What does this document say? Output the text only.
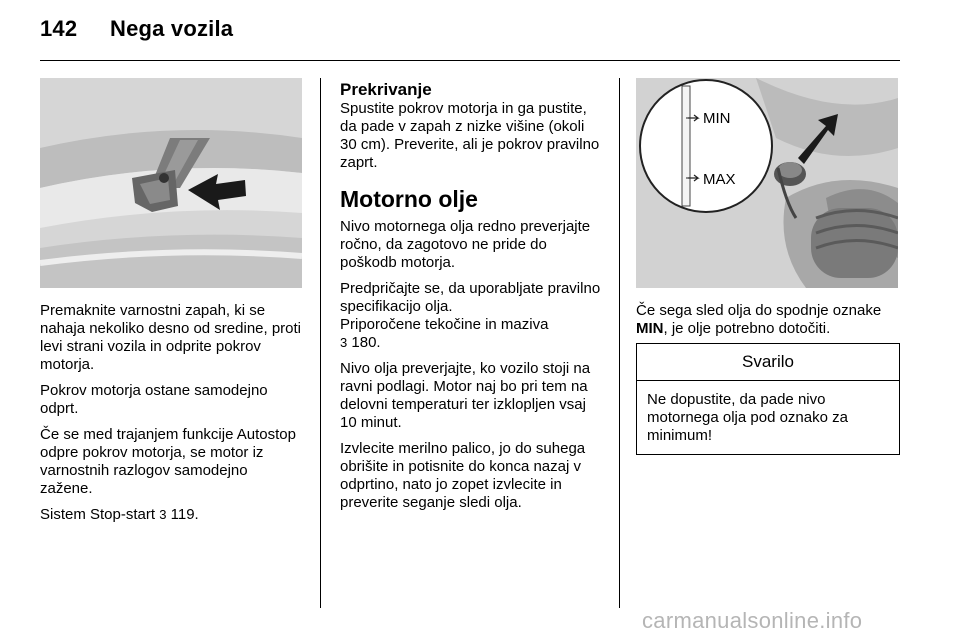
142 Nega vozila

Premaknite varnostni zapah, ki se nahaja nekoliko desno od sredine, proti levi strani vozila in odprite pokrov motorja.

Pokrov motorja ostane samodejno odprt.

Če se med trajanjem funkcije Autostop odpre pokrov motorja, se motor iz varnostnih razlogov samodejno zažene.

Sistem Stop-start 3 119.

Prekrivanje

Spustite pokrov motorja in ga pustite, da pade v zapah z nizke višine (okoli 30 cm). Preverite, ali je pokrov pravilno zaprt.

Motorno olje

Nivo motornega olja redno preverjajte ročno, da zagotovo ne pride do poškodb motorja.

Predpričajte se, da uporabljate pravilno specifikacijo olja.

Priporočene tekočine in maziva
3 180.

Nivo olja preverjajte, ko vozilo stoji na ravni podlagi. Motor naj bo pri tem na delovni temperaturi ter izklopljen vsaj 10 minut.

Izvlecite merilno palico, jo do suhega obrišite in potisnite do konca nazaj v odprtino, nato jo zopet izvlecite in preverite seganje sledi olja.

MIN
MAX

Če sega sled olja do spodnje oznake MIN, je olje potrebno dotočiti.

Svarilo
Ne dopustite, da pade nivo motornega olja pod oznako za minimum!
carmanualsonline.info
